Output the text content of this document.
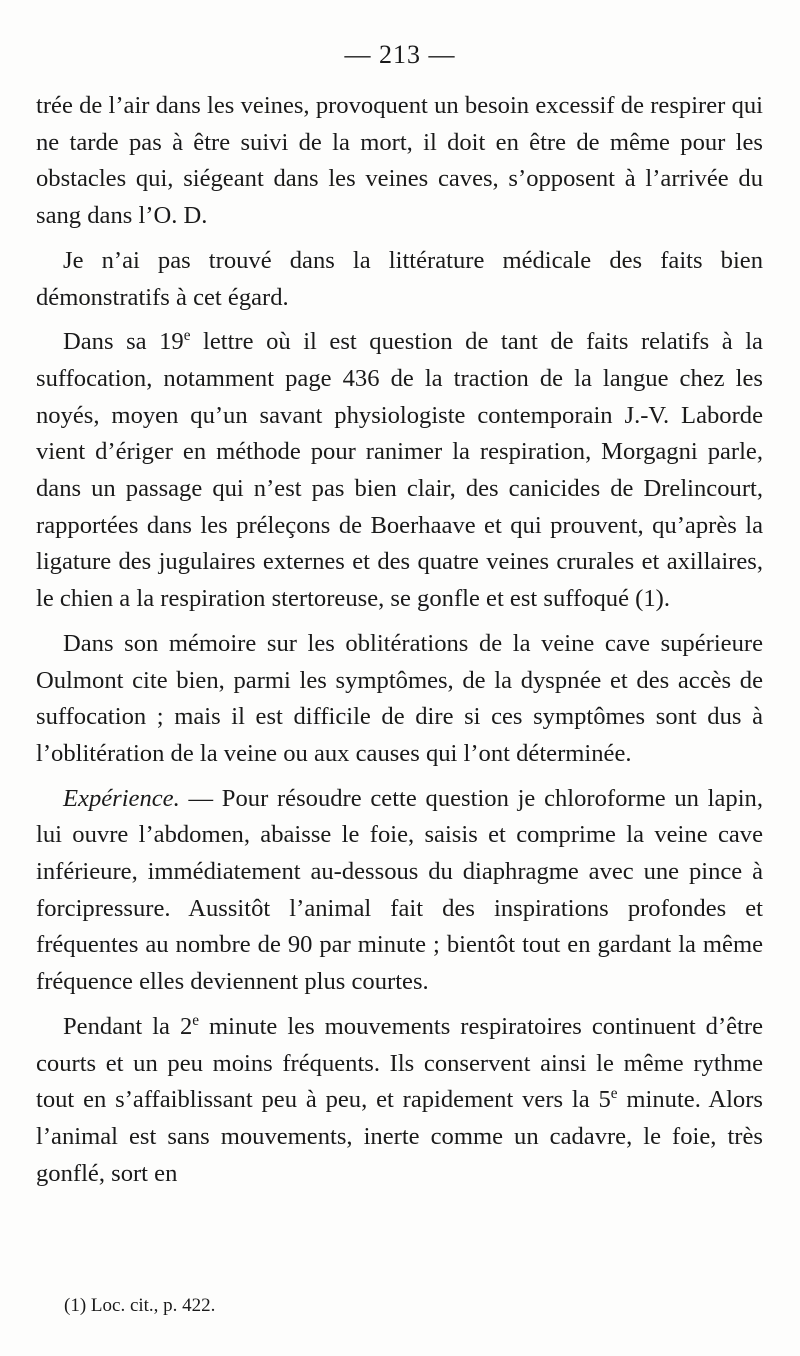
— 213 —

trée de l’air dans les veines, provoquent un besoin excessif de respirer qui ne tarde pas à être suivi de la mort, il doit en être de même pour les obstacles qui, siégeant dans les veines caves, s’opposent à l’arrivée du sang dans l’O. D.

Je n’ai pas trouvé dans la littérature médicale des faits bien démonstratifs à cet égard.

Dans sa 19e lettre où il est question de tant de faits relatifs à la suffocation, notamment page 436 de la traction de la langue chez les noyés, moyen qu’un savant physiologiste contemporain J.-V. Laborde vient d’ériger en méthode pour ranimer la respiration, Morgagni parle, dans un passage qui n’est pas bien clair, des canicides de Drelincourt, rapportées dans les préleçons de Boerhaave et qui prouvent, qu’après la ligature des jugulaires externes et des quatre veines crurales et axillaires, le chien a la respiration stertoreuse, se gonfle et est suffoqué (1).

Dans son mémoire sur les oblitérations de la veine cave supérieure Oulmont cite bien, parmi les symptômes, de la dyspnée et des accès de suffocation ; mais il est difficile de dire si ces symptômes sont dus à l’oblitération de la veine ou aux causes qui l’ont déterminée.

Expérience. — Pour résoudre cette question je chloroforme un lapin, lui ouvre l’abdomen, abaisse le foie, saisis et comprime la veine cave inférieure, immédiatement au-dessous du diaphragme avec une pince à forcipressure. Aussitôt l’animal fait des inspirations profondes et fréquentes au nombre de 90 par minute ; bientôt tout en gardant la même fréquence elles deviennent plus courtes.

Pendant la 2e minute les mouvements respiratoires continuent d’être courts et un peu moins fréquents. Ils conservent ainsi le même rythme tout en s’affaiblissant peu à peu, et rapidement vers la 5e minute. Alors l’animal est sans mouvements, inerte comme un cadavre, le foie, très gonflé, sort en

(1) Loc. cit., p. 422.
